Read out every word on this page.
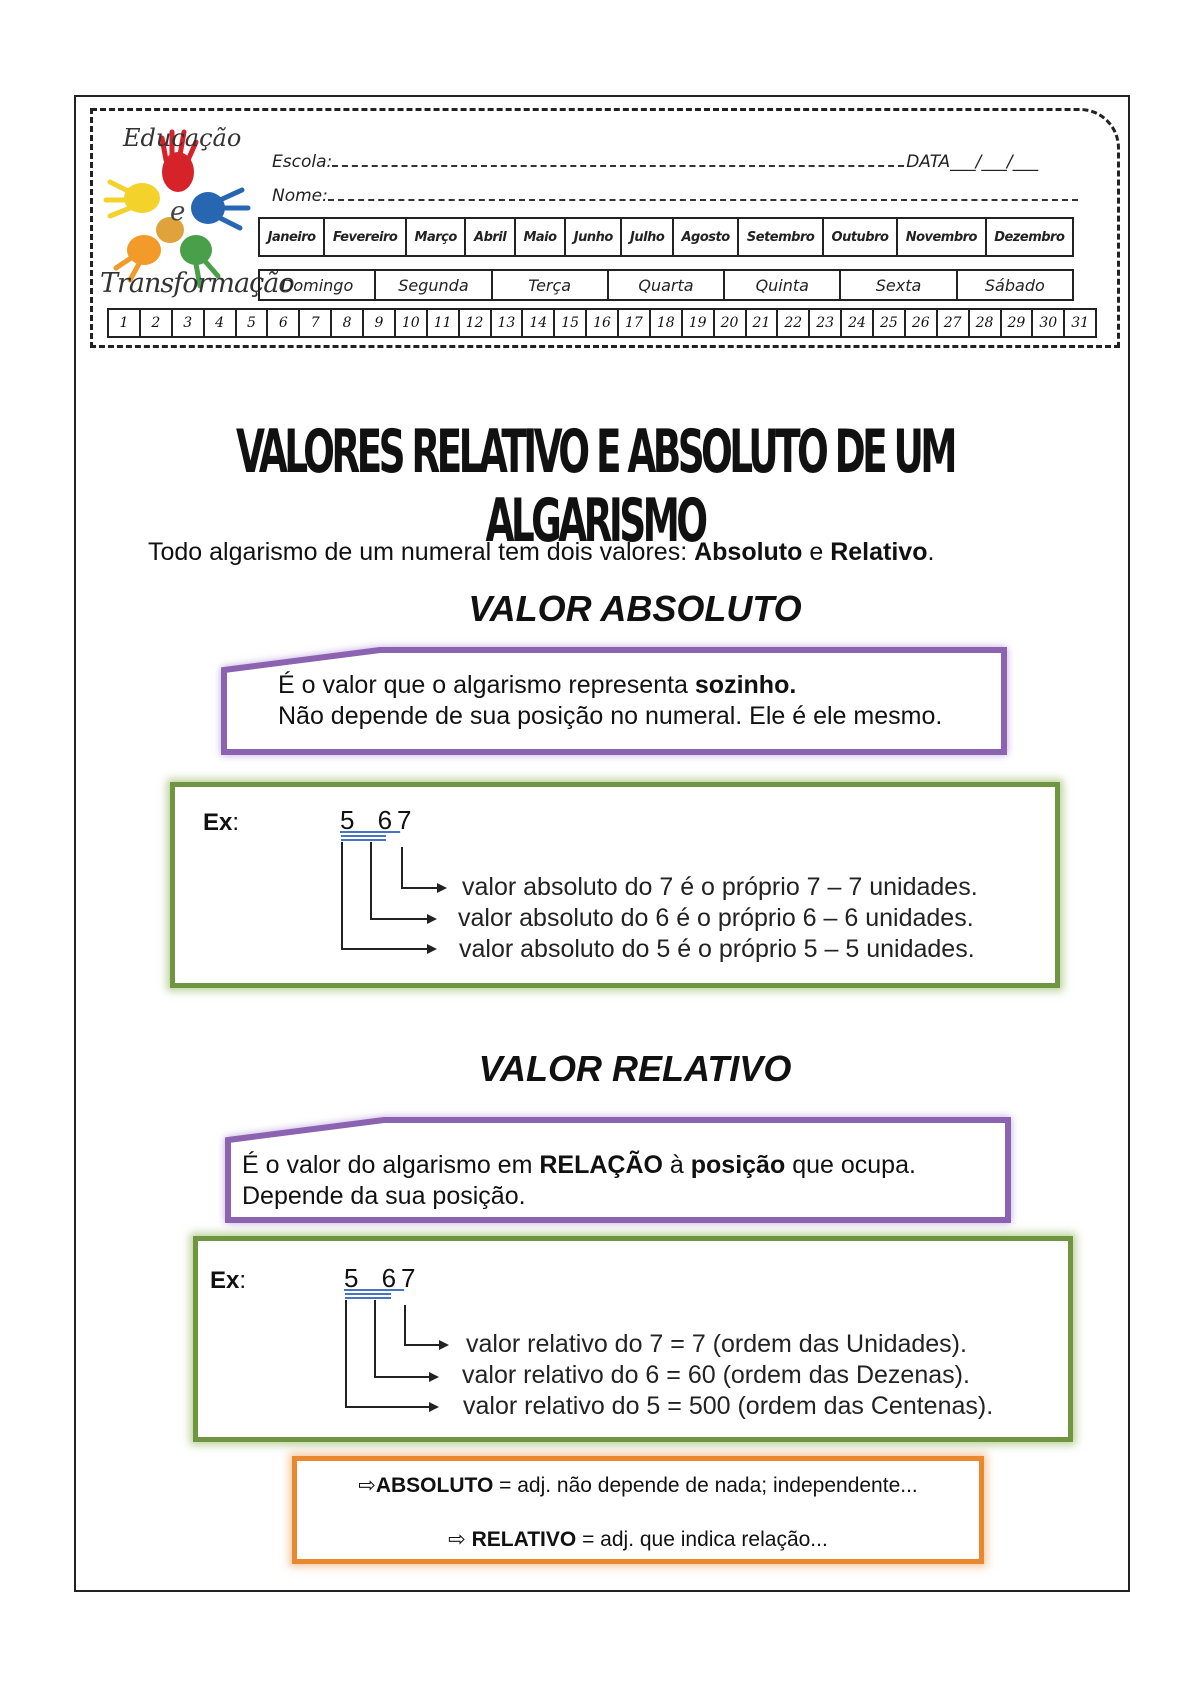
e
Educação
Transformação
Escola:	DATA___/___/___
Nome:
Janeiro	Fevereiro	Março	Abril	Maio	Junho	Julho	Agosto	Setembro	Outubro	Novembro	Dezembro
Domingo	Segunda	Terça	Quarta	Quinta	Sexta	Sábado
1	2	3	4	5	6	7	8	9	10	11	12	13	14	15	16	17	18	19	20	21	22	23	24	25	26	27	28	29	30	31
VALORES RELATIVO E ABSOLUTO DE UM ALGARISMO
Todo algarismo de um numeral tem dois valores: Absoluto e Relativo.
VALOR ABSOLUTO
É o valor que o algarismo representa sozinho.
Não depende de sua posição no numeral. Ele é ele mesmo.
Ex:	5 6
7
valor absoluto do 7 é o próprio 7 – 7 unidades.
valor absoluto do 6 é o próprio 6 – 6 unidades.
valor absoluto do 5 é o próprio 5 – 5 unidades.
VALOR RELATIVO
É o valor do algarismo em RELAÇÃO à posição que ocupa.
Depende da sua posição.
Ex:	5 6
7
valor relativo do 7 = 7 (ordem das Unidades).
valor relativo do 6 = 60 (ordem das Dezenas).
valor relativo do 5 = 500 (ordem das Centenas).
⇨ABSOLUTO = adj. não depende de nada; independente...
⇨ RELATIVO = adj. que indica relação...
